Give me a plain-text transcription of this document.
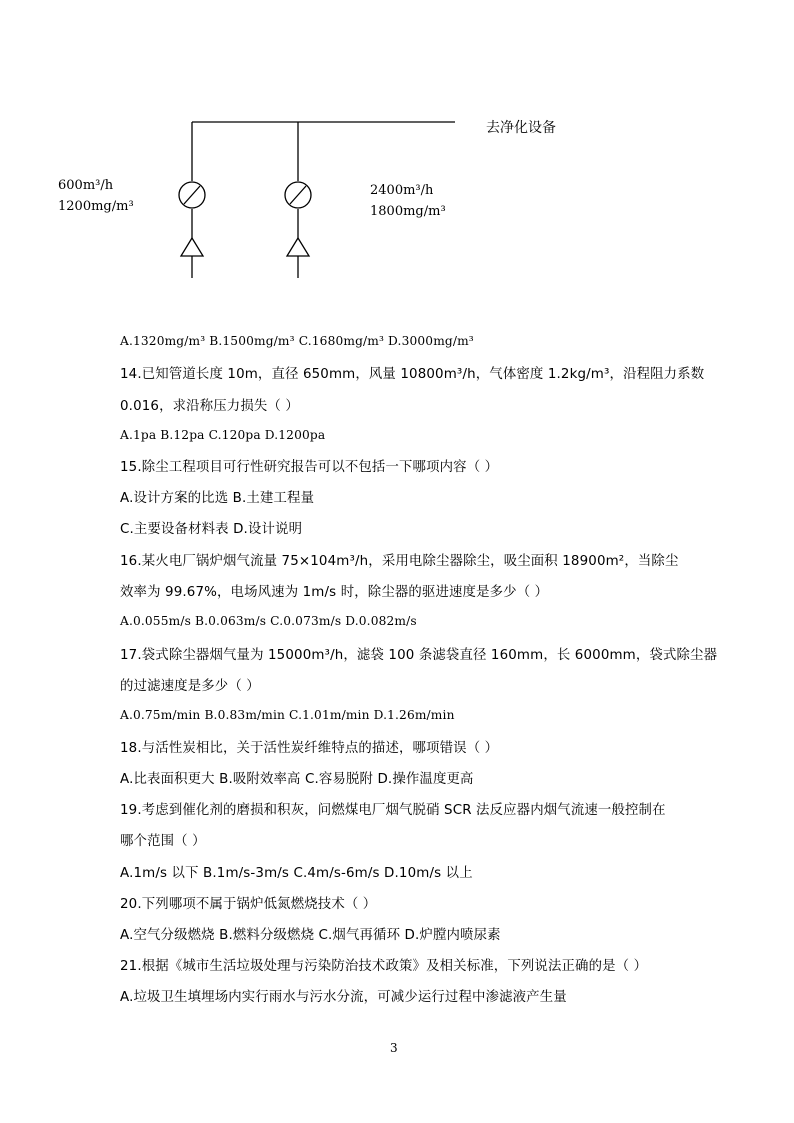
去净化设备
600m³/h
1200mg/m³
2400m³/h
1800mg/m³
A.1320mg/m³ B.1500mg/m³ C.1680mg/m³ D.3000mg/m³
14.已知管道长度 10m，直径 650mm，风量 10800m³/h，气体密度 1.2kg/m³，沿程阻力系数
0.016，求沿称压力损失（ ）
A.1pa B.12pa C.120pa D.1200pa
15.除尘工程项目可行性研究报告可以不包括一下哪项内容（ ）
A.设计方案的比选 B.土建工程量
C.主要设备材料表 D.设计说明
16.某火电厂锅炉烟气流量 75×104m³/h，采用电除尘器除尘，吸尘面积 18900m²，当除尘
效率为 99.67%，电场风速为 1m/s 时，除尘器的驱进速度是多少（ ）
A.0.055m/s B.0.063m/s C.0.073m/s D.0.082m/s
17.袋式除尘器烟气量为 15000m³/h，滤袋 100 条滤袋直径 160mm，长 6000mm，袋式除尘器
的过滤速度是多少（ ）
A.0.75m/min B.0.83m/min C.1.01m/min D.1.26m/min
18.与活性炭相比，关于活性炭纤维特点的描述，哪项错误（ ）
A.比表面积更大 B.吸附效率高 C.容易脱附 D.操作温度更高
19.考虑到催化剂的磨损和积灰，问燃煤电厂烟气脱硝 SCR 法反应器内烟气流速一般控制在
哪个范围（ ）
A.1m/s 以下 B.1m/s-3m/s C.4m/s-6m/s D.10m/s 以上
20.下列哪项不属于锅炉低氮燃烧技术（ ）
A.空气分级燃烧 B.燃料分级燃烧 C.烟气再循环 D.炉膛内喷尿素
21.根据《城市生活垃圾处理与污染防治技术政策》及相关标准，下列说法正确的是（ ）
A.垃圾卫生填埋场内实行雨水与污水分流，可减少运行过程中渗滤液产生量
3
